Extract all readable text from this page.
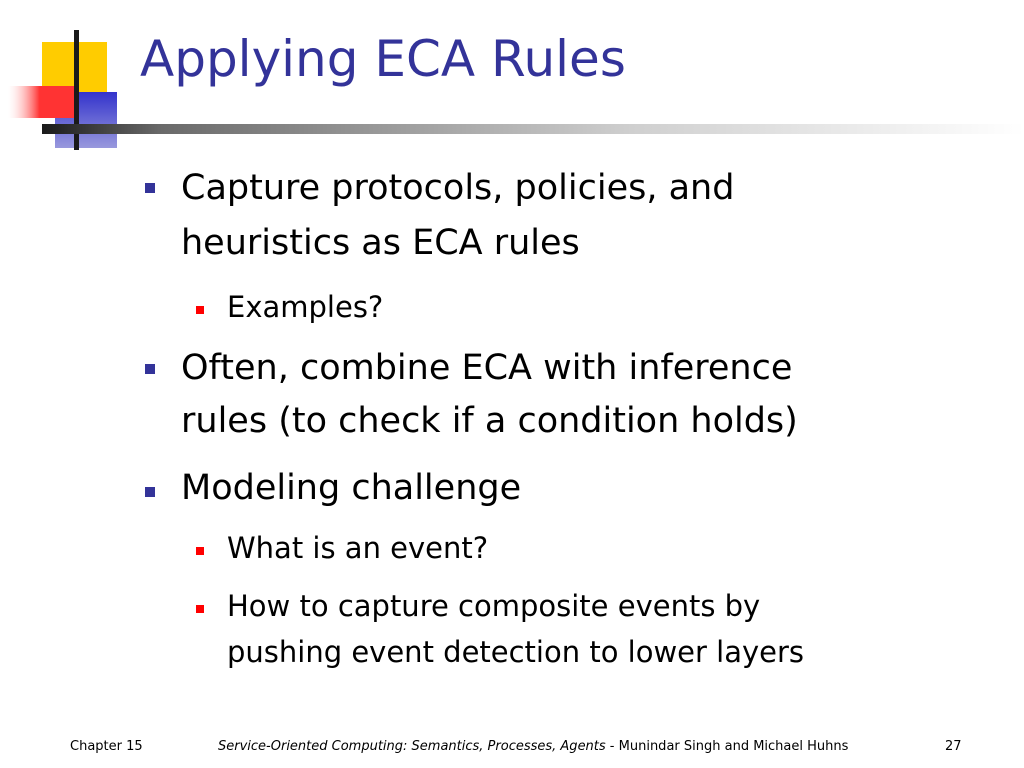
Applying ECA Rules
Capture protocols, policies, and
heuristics as ECA rules
Examples?
Often, combine ECA with inference
rules (to check if a condition holds)
Modeling challenge
What is an event?
How to capture composite events by
pushing event detection to lower layers
Chapter 15	Service-Oriented Computing: Semantics, Processes, Agents - Munindar Singh and Michael Huhns	27
